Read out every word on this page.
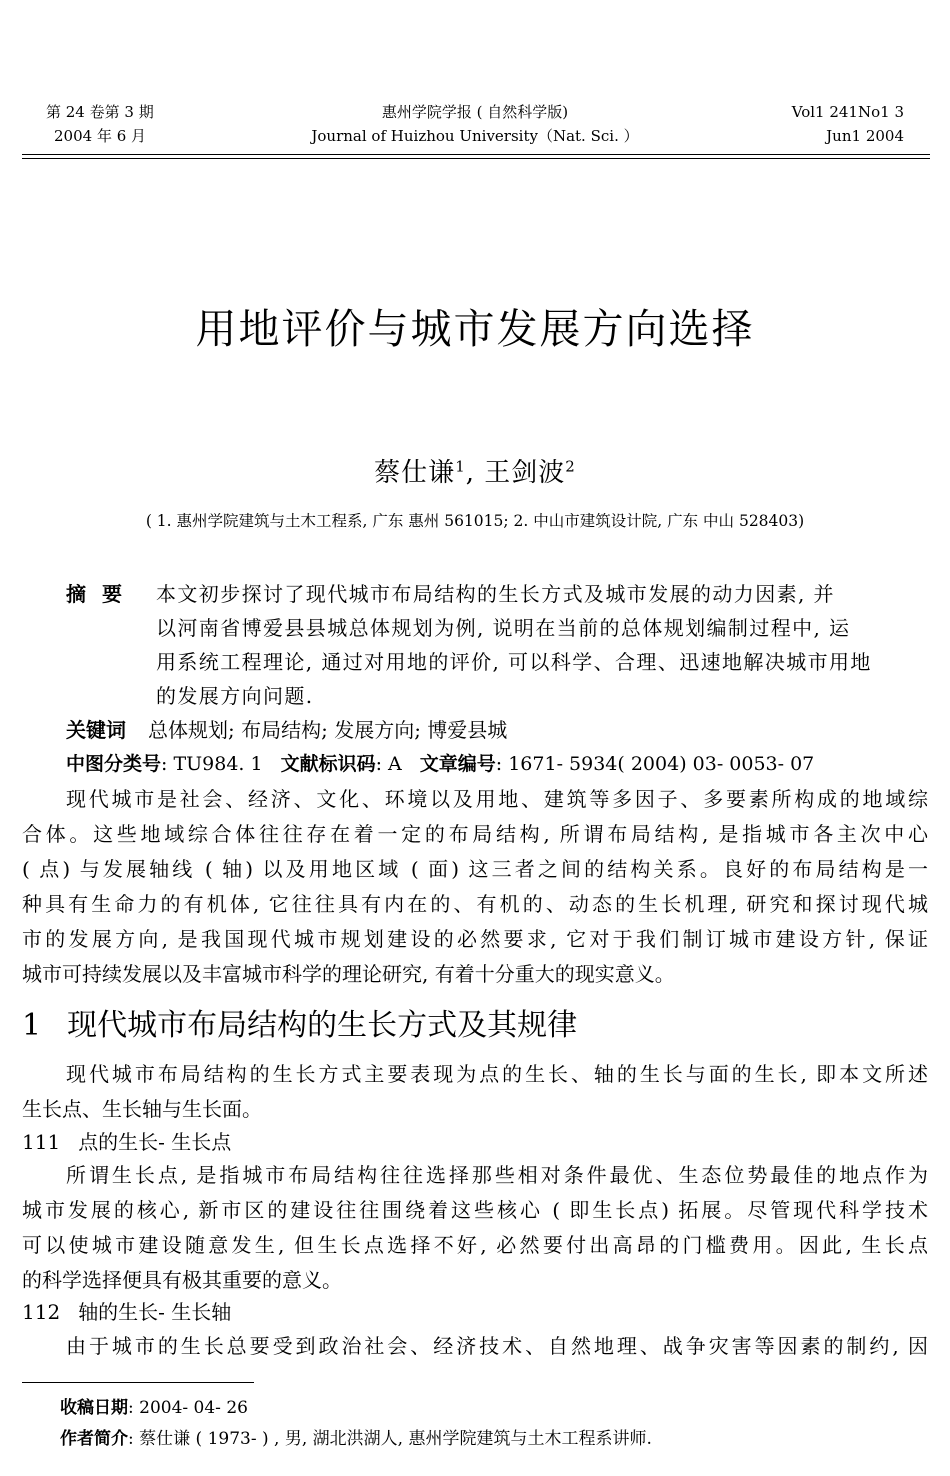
第 24 卷第 3 期
2004 年 6 月
惠州学院学报 ( 自然科学版)
Journal of Huizhou University（Nat. Sci. ）
Vol1 241No1 3
Jun1 2004
用地评价与城市发展方向选择
蔡仕谦$^1$, 王剑波$^2$
( 1. 惠州学院建筑与土木工程系, 广东 惠州 561015; 2. 中山市建筑设计院, 广东 中山 528403)
摘要 本文初步探讨了现代城市布局结构的生长方式及城市发展的动力因素, 并
以河南省博爱县县城总体规划为例, 说明在当前的总体规划编制过程中, 运
用系统工程理论, 通过对用地的评价, 可以科学、合理、迅速地解决城市用地
的发展方向问题.
关键词 总体规划; 布局结构; 发展方向; 博爱县城
中图分类号: TU984. 1 文献标识码: A 文章编号: 1671- 5934( 2004) 03- 0053- 07
现代城市是社会、经济、文化、环境以及用地、建筑等多因子、多要素所构成的地域综
合体。这些地域综合体往往存在着一定的布局结构, 所谓布局结构, 是指城市各主次中心
( 点) 与发展轴线 ( 轴) 以及用地区域 ( 面) 这三者之间的结构关系。良好的布局结构是一
种具有生命力的有机体, 它往往具有内在的、有机的、动态的生长机理, 研究和探讨现代城
市的发展方向, 是我国现代城市规划建设的必然要求, 它对于我们制订城市建设方针, 保证
城市可持续发展以及丰富城市科学的理论研究, 有着十分重大的现实意义。
1 现代城市布局结构的生长方式及其规律
现代城市布局结构的生长方式主要表现为点的生长、轴的生长与面的生长, 即本文所述
生长点、生长轴与生长面。
111 点的生长- 生长点
所谓生长点, 是指城市布局结构往往选择那些相对条件最优、生态位势最佳的地点作为
城市发展的核心, 新市区的建设往往围绕着这些核心 ( 即生长点) 拓展。尽管现代科学技术
可以使城市建设随意发生, 但生长点选择不好, 必然要付出高昂的门槛费用。因此, 生长点
的科学选择便具有极其重要的意义。
112 轴的生长- 生长轴
由于城市的生长总要受到政治社会、经济技术、自然地理、战争灾害等因素的制约, 因
收稿日期: 2004- 04- 26
作者简介: 蔡仕谦 ( 1973- ) , 男, 湖北洪湖人, 惠州学院建筑与土木工程系讲师.
